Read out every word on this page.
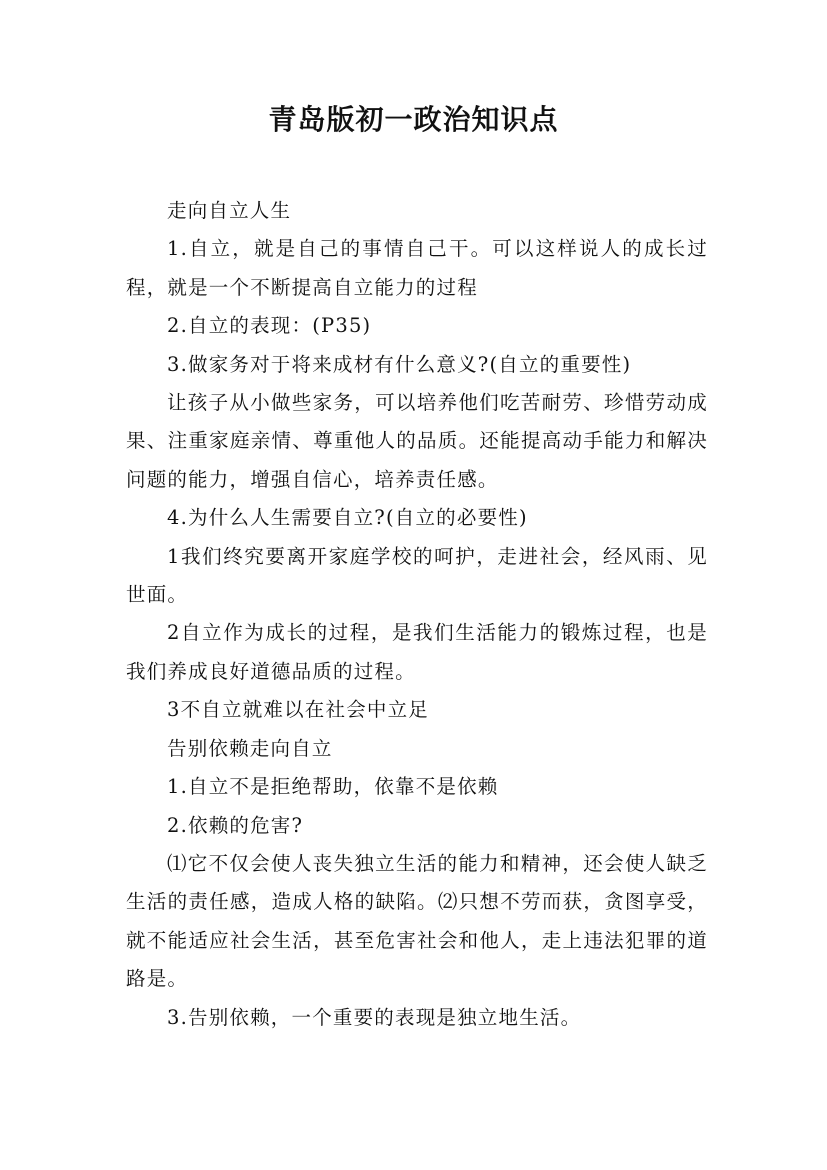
青岛版初一政治知识点

走向自立人生

1.自立，就是自己的事情自己干。可以这样说人的成长过程，就是一个不断提高自立能力的过程

2.自立的表现：(P35)

3.做家务对于将来成材有什么意义?(自立的重要性)

让孩子从小做些家务，可以培养他们吃苦耐劳、珍惜劳动成果、注重家庭亲情、尊重他人的品质。还能提高动手能力和解决问题的能力，增强自信心，培养责任感。

4.为什么人生需要自立?(自立的必要性)

1我们终究要离开家庭学校的呵护，走进社会，经风雨、见世面。

2自立作为成长的过程，是我们生活能力的锻炼过程，也是我们养成良好道德品质的过程。

3不自立就难以在社会中立足

告别依赖走向自立

1.自立不是拒绝帮助，依靠不是依赖

2.依赖的危害?

⑴它不仅会使人丧失独立生活的能力和精神，还会使人缺乏生活的责任感，造成人格的缺陷。⑵只想不劳而获，贪图享受，就不能适应社会生活，甚至危害社会和他人，走上违法犯罪的道路是。

3.告别依赖，一个重要的表现是独立地生活。
